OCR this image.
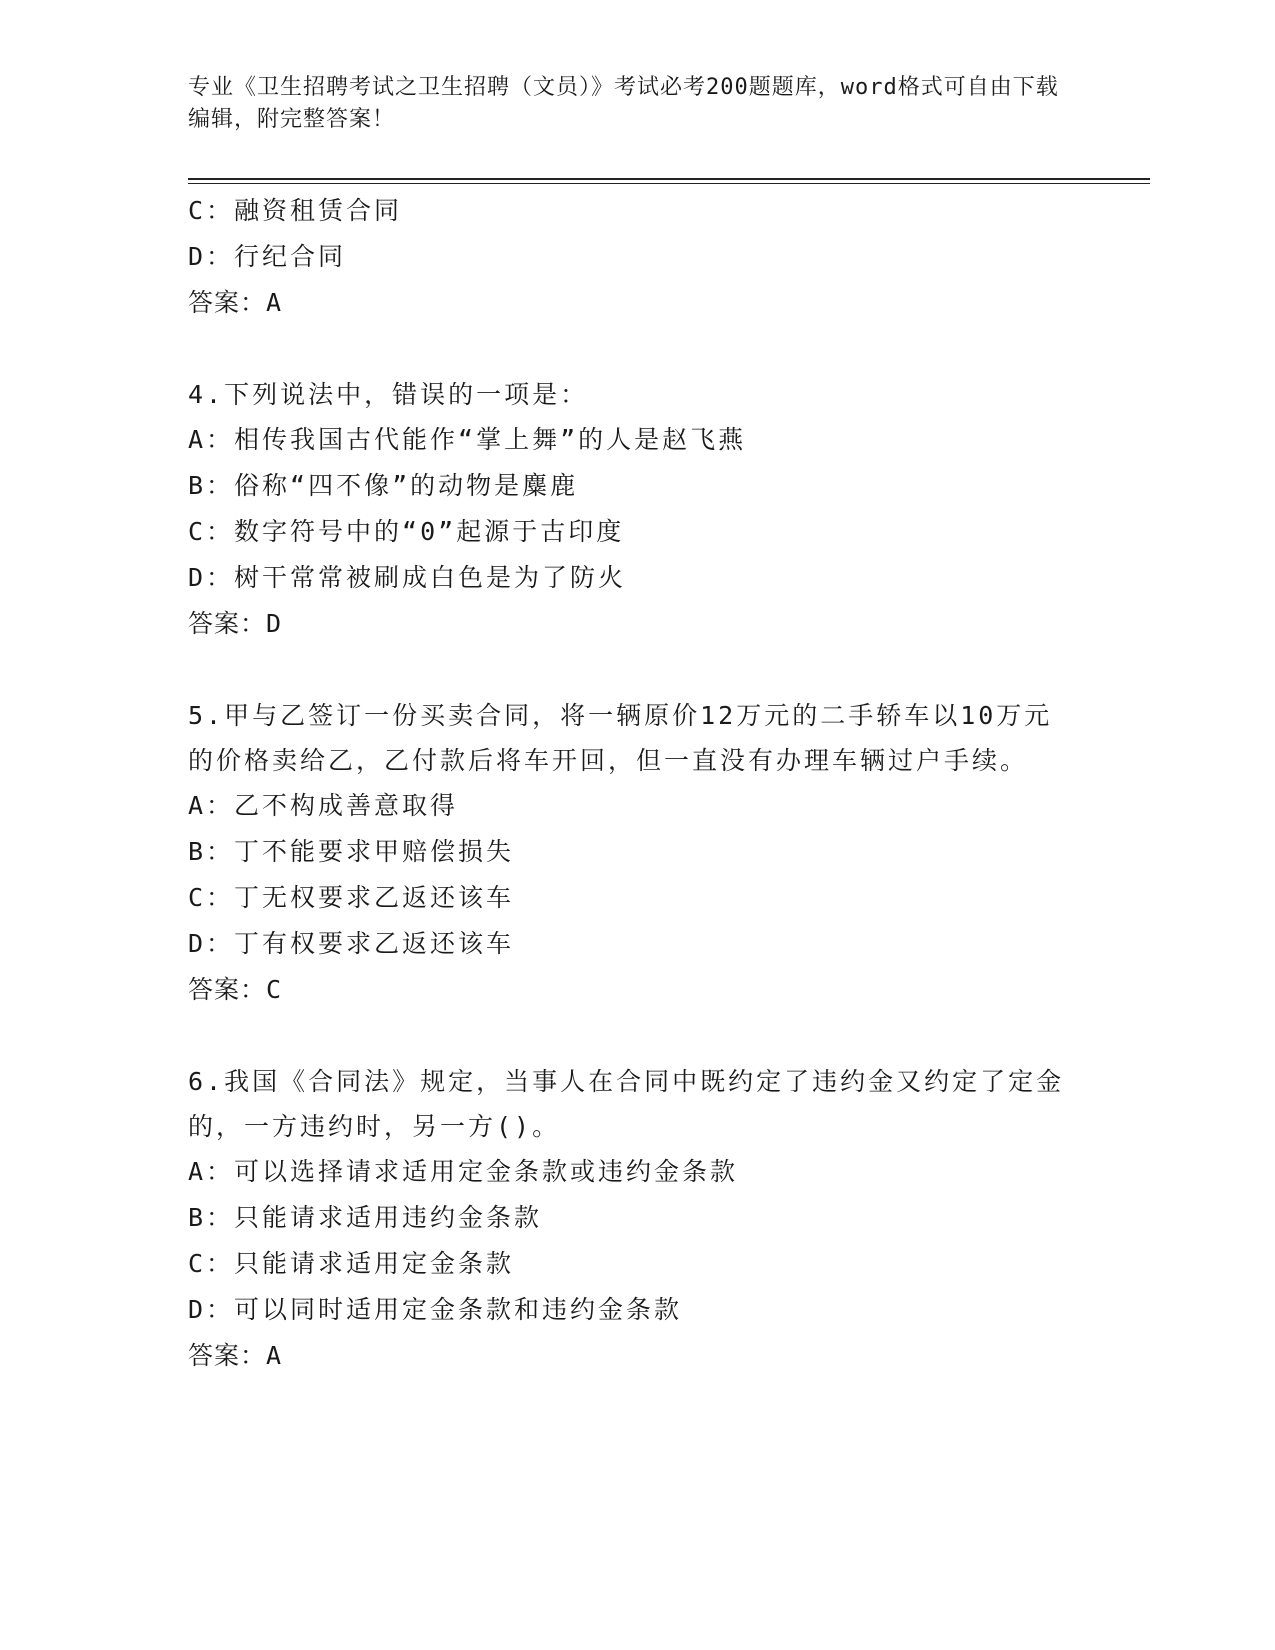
专业《卫生招聘考试之卫生招聘（文员）》考试必考200题题库，word格式可自由下载编辑，附完整答案！
C：融资租赁合同
D：行纪合同
答案：A
4.下列说法中，错误的一项是：
A：相传我国古代能作“掌上舞”的人是赵飞燕
B：俗称“四不像”的动物是麋鹿
C：数字符号中的“0”起源于古印度
D：树干常常被刷成白色是为了防火
答案：D
5.甲与乙签订一份买卖合同，将一辆原价12万元的二手轿车以10万元的价格卖给乙，乙付款后将车开回，但一直没有办理车辆过户手续。
A：乙不构成善意取得
B：丁不能要求甲赔偿损失
C：丁无权要求乙返还该车
D：丁有权要求乙返还该车
答案：C
6.我国《合同法》规定，当事人在合同中既约定了违约金又约定了定金的，一方违约时，另一方()。
A：可以选择请求适用定金条款或违约金条款
B：只能请求适用违约金条款
C：只能请求适用定金条款
D：可以同时适用定金条款和违约金条款
答案：A
